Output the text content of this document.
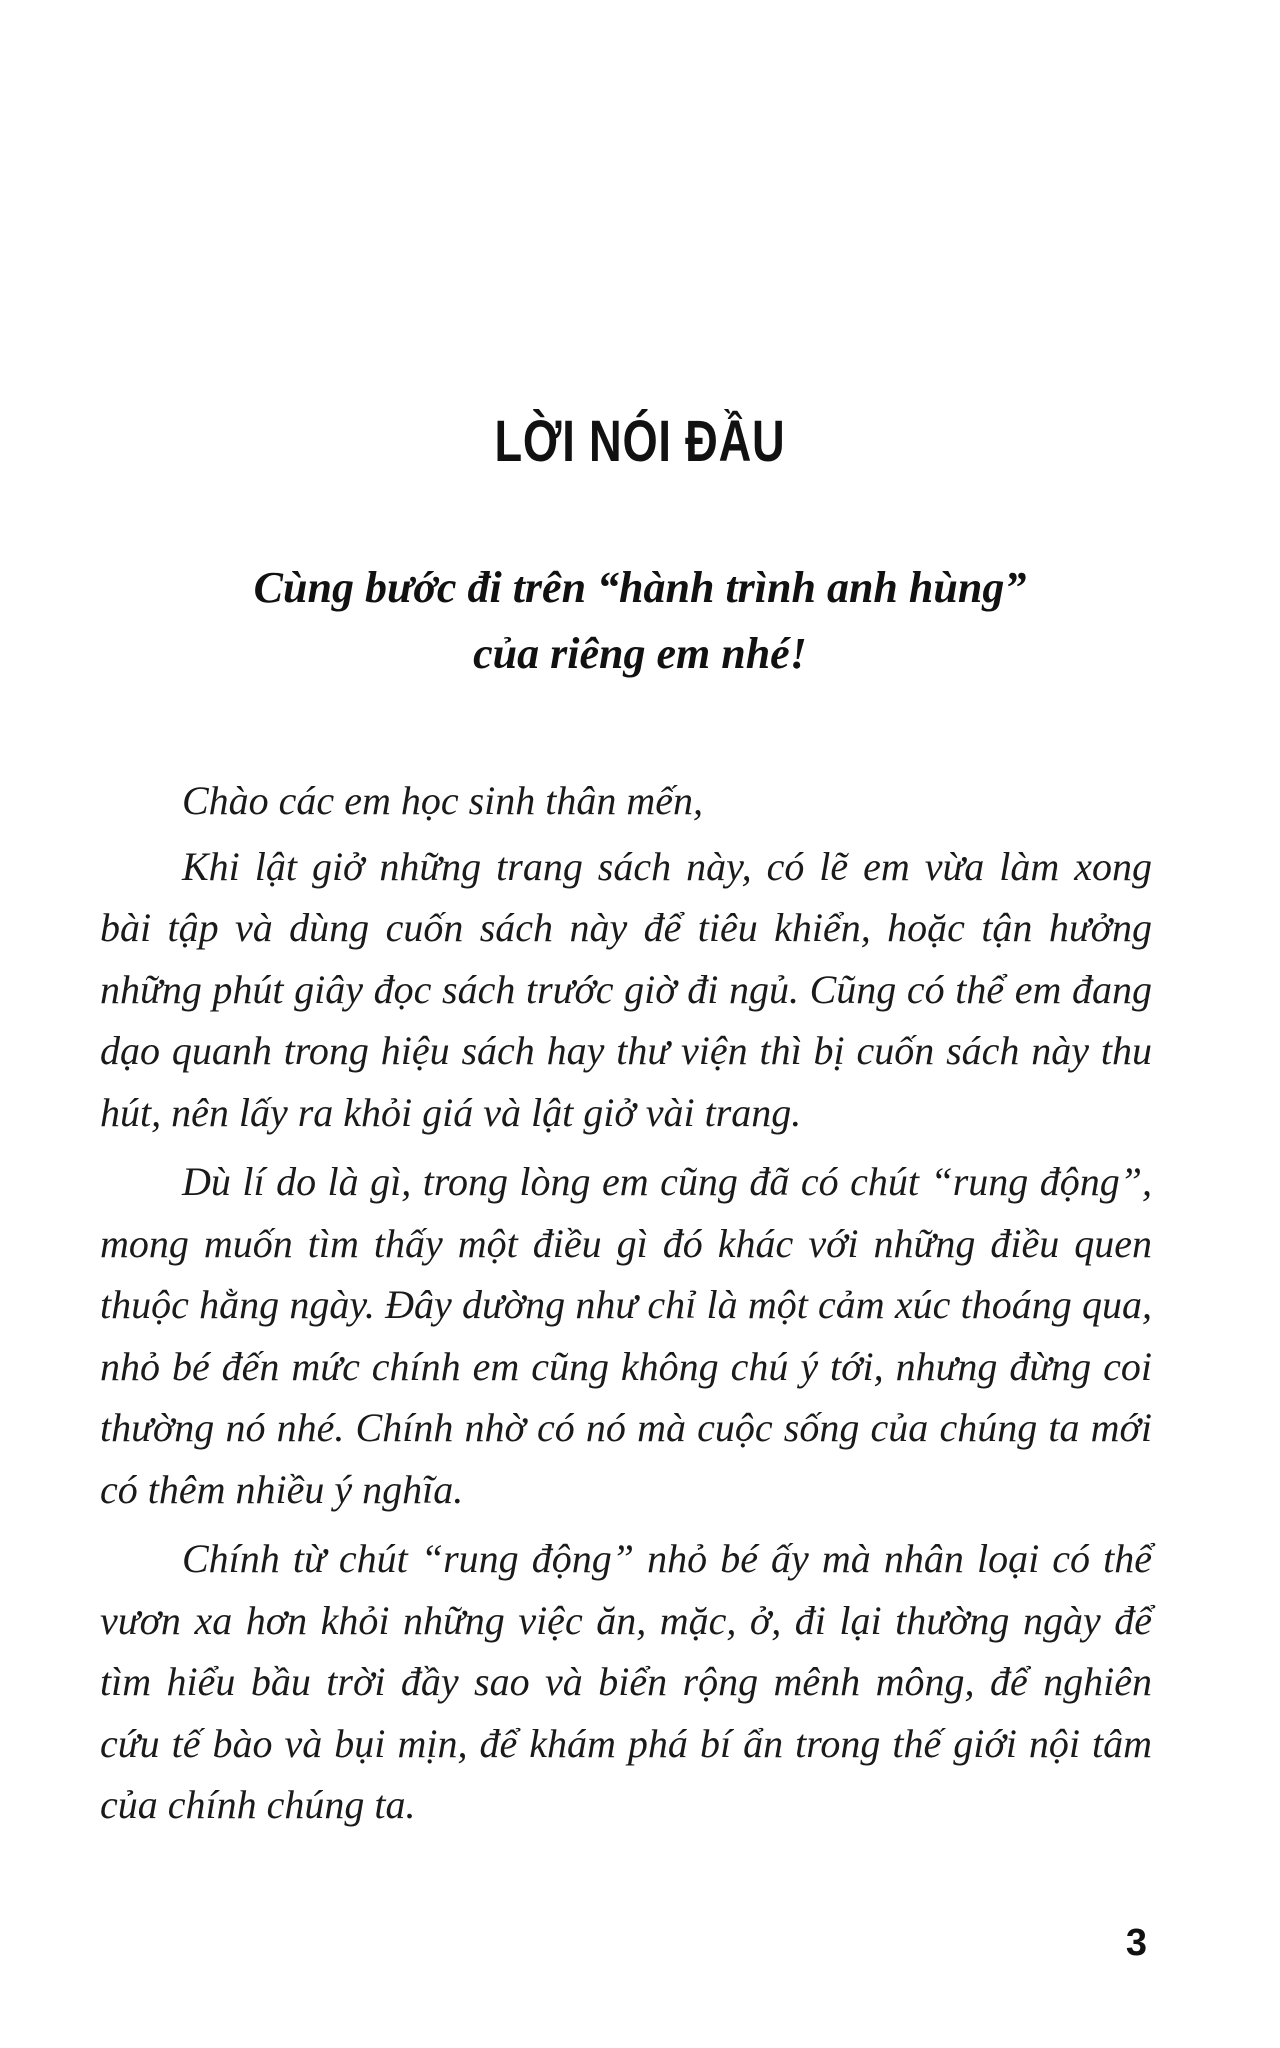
LỜI NÓI ĐẦU
Cùng bước đi trên “hành trình anh hùng”
của riêng em nhé!

Chào các em học sinh thân mến,

Khi lật giở những trang sách này, có lẽ em vừa làm xong bài tập và dùng cuốn sách này để tiêu khiển, hoặc tận hưởng những phút giây đọc sách trước giờ đi ngủ. Cũng có thể em đang dạo quanh trong hiệu sách hay thư viện thì bị cuốn sách này thu hút, nên lấy ra khỏi giá và lật giở vài trang.

Dù lí do là gì, trong lòng em cũng đã có chút “rung động”, mong muốn tìm thấy một điều gì đó khác với những điều quen thuộc hằng ngày. Đây dường như chỉ là một cảm xúc thoáng qua, nhỏ bé đến mức chính em cũng không chú ý tới, nhưng đừng coi thường nó nhé. Chính nhờ có nó mà cuộc sống của chúng ta mới có thêm nhiều ý nghĩa.

Chính từ chút “rung động” nhỏ bé ấy mà nhân loại có thể vươn xa hơn khỏi những việc ăn, mặc, ở, đi lại thường ngày để tìm hiểu bầu trời đầy sao và biển rộng mênh mông, để nghiên cứu tế bào và bụi mịn, để khám phá bí ẩn trong thế giới nội tâm của chính chúng ta.

3
